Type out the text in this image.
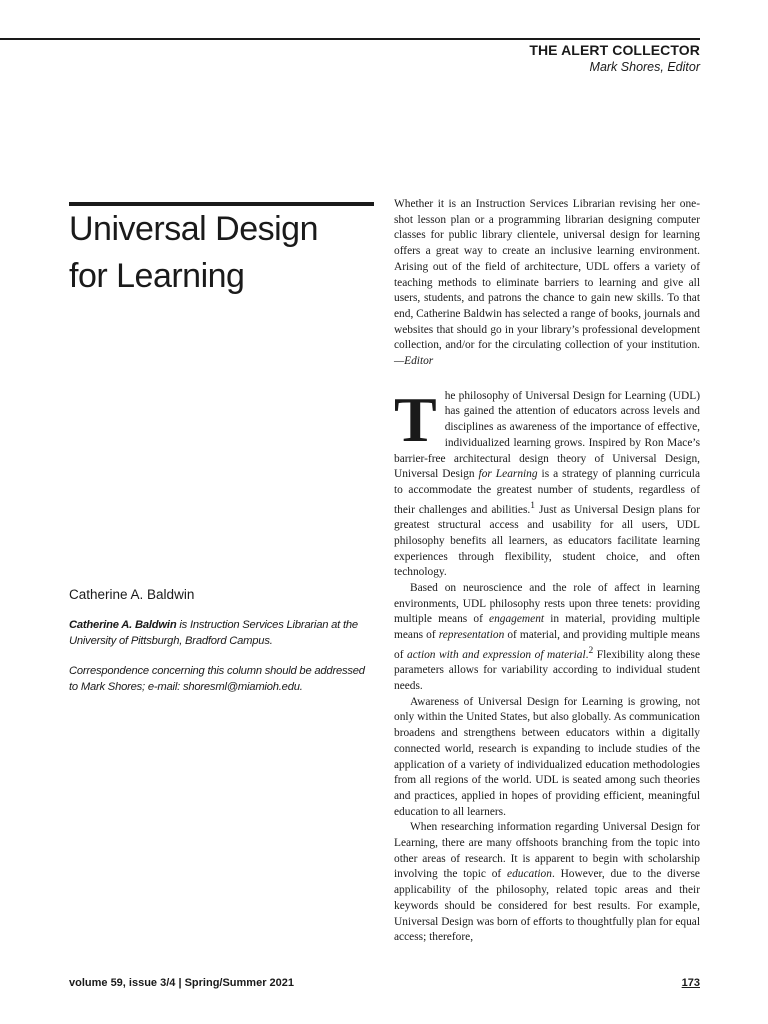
THE ALERT COLLECTOR
Mark Shores, Editor
Universal Design
for Learning

Catherine A. Baldwin

Catherine A. Baldwin is Instruction Services Librarian at the University of Pittsburgh, Bradford Campus.

Correspondence concerning this column should be addressed to Mark Shores; e-mail: shoresml@miamioh.edu.

Whether it is an Instruction Services Librarian revising her one-shot lesson plan or a programming librarian designing computer classes for public library clientele, universal design for learning offers a great way to create an inclusive learning environment. Arising out of the field of architecture, UDL offers a variety of teaching methods to eliminate barriers to learning and give all users, students, and patrons the chance to gain new skills. To that end, Catherine Baldwin has selected a range of books, journals and websites that should go in your library’s professional development collection, and/or for the circulating collection of your institution.—Editor

The philosophy of Universal Design for Learning (UDL) has gained the attention of educators across levels and disciplines as awareness of the importance of effective, individualized learning grows. Inspired by Ron Mace’s barrier-free architectural design theory of Universal Design, Universal Design for Learning is a strategy of planning curricula to accommodate the greatest number of students, regardless of their challenges and abilities.$^1$ Just as Universal Design plans for greatest structural access and usability for all users, UDL philosophy benefits all learners, as educators facilitate learning experiences through flexibility, student choice, and often technology.

Based on neuroscience and the role of affect in learning environments, UDL philosophy rests upon three tenets: providing multiple means of engagement in material, providing multiple means of representation of material, and providing multiple means of action with and expression of material.$^2$ Flexibility along these parameters allows for variability according to individual student needs.

Awareness of Universal Design for Learning is growing, not only within the United States, but also globally. As communication broadens and strengthens between educators within a digitally connected world, research is expanding to include studies of the application of a variety of individualized education methodologies from all regions of the world. UDL is seated among such theories and practices, applied in hopes of providing efficient, meaningful education to all learners.

When researching information regarding Universal Design for Learning, there are many offshoots branching from the topic into other areas of research. It is apparent to begin with scholarship involving the topic of education. However, due to the diverse applicability of the philosophy, related topic areas and their keywords should be considered for best results. For example, Universal Design was born of efforts to thoughtfully plan for equal access; therefore,

volume 59, issue 3/4 | Spring/Summer 2021	173
